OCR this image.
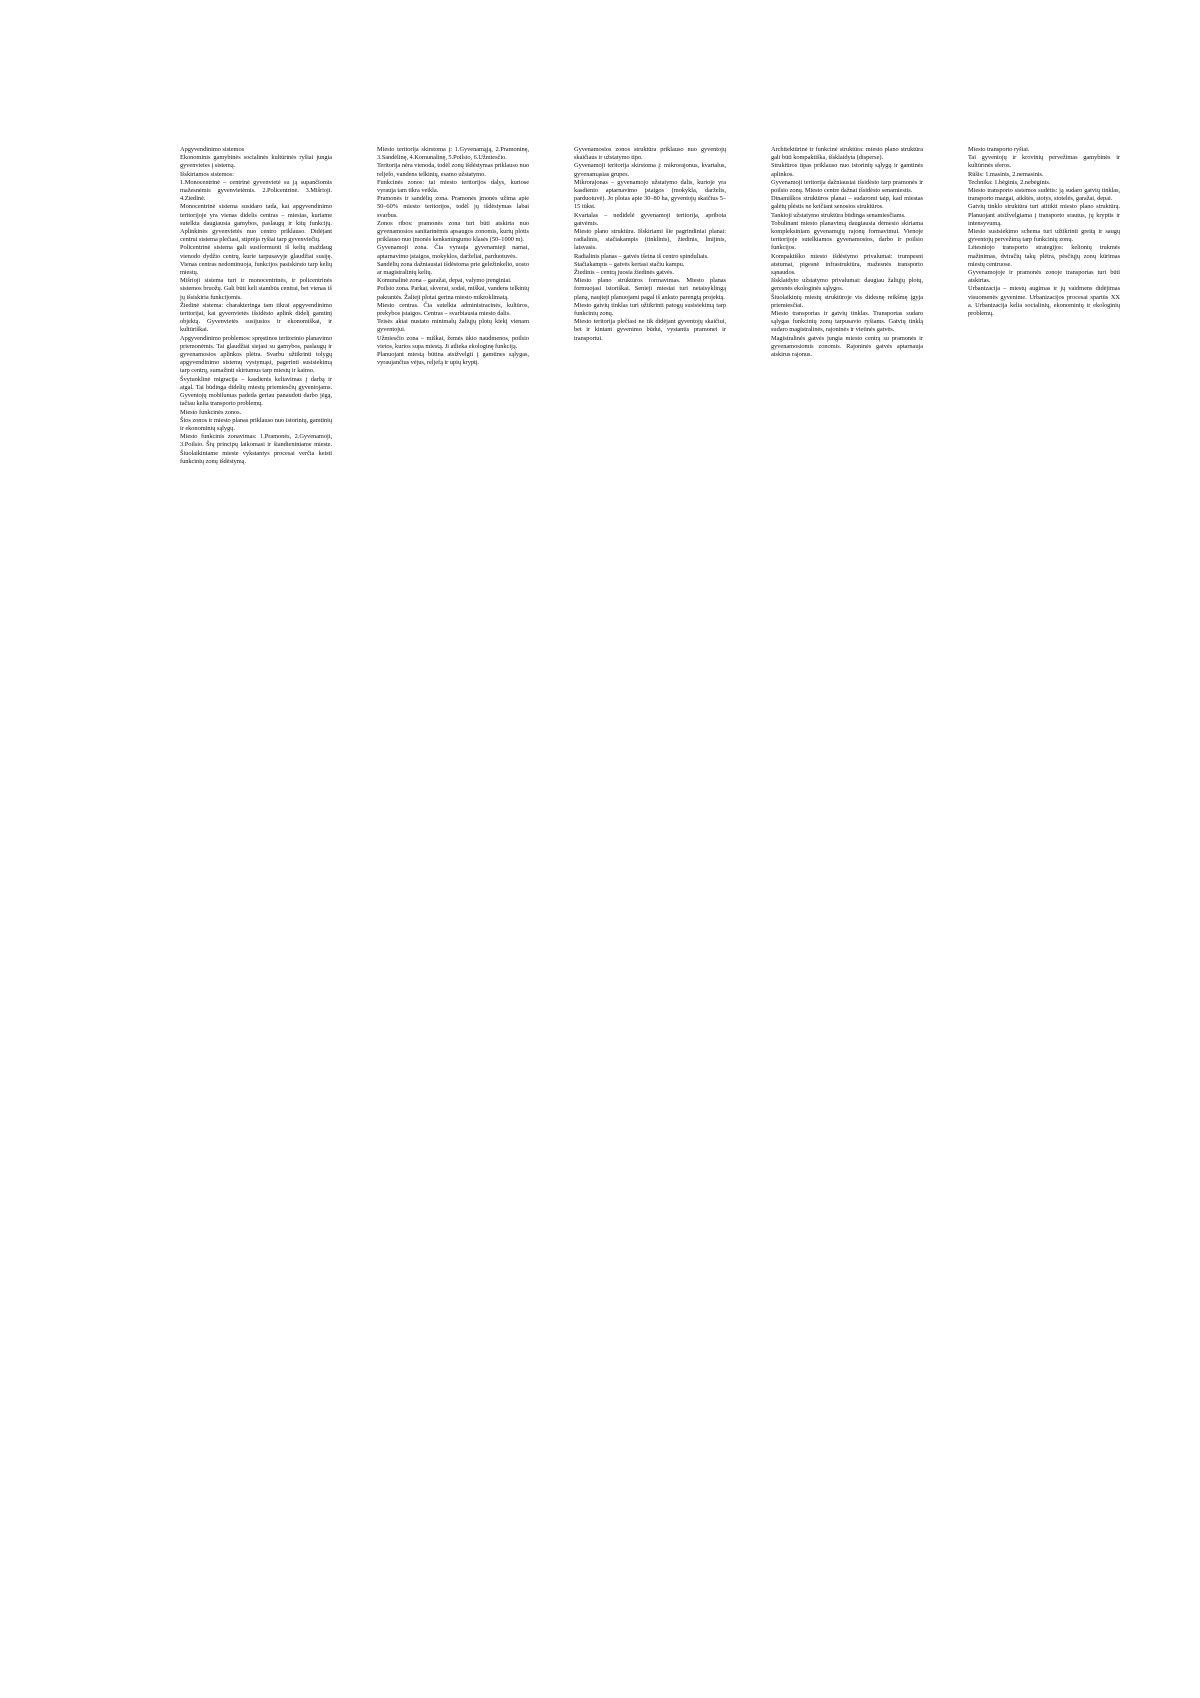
Apgyvendinimo sistemos

Ekonominis gamybinės socialinės kultūrinės ryšiai jungia gyvenvietes į sistemą.

Išskiriamos sistemos:

1.Monocentrinė – centrinė gyvenvietė su ją supančiomis mažesnėmis gyvenvietėmis. 2.Policentrinė. 3.Mišrioji. 4.Ziedinė.

Monocentrinė sistema susidaro tada, kai apgyvendinimo teritorijoje yra vienas didelis centras – miestas, kuriame sutelkta daugiausia gamybos, paslaugų ir kitų funkcijų. Aplinkinės gyvenvietės nuo centro priklauso. Didėjant centrui sistema plečiasi, stiprėja ryšiai tarp gyvenviečių.

Policentrinė sistema gali susiformuoti iš kelių maždaug vienodo dydžio centrų, kurie tarpusavyje glaudžiai susiję. Vienas centras nedominuoja, funkcijos pasiskirsto tarp kelių miestų.

Mišrioji sistema turi ir monocentrinės, ir policentrinės sistemos bruožų. Gali būti keli stambūs centrai, bet vienas iš jų išsiskiria funkcijomis.

Žiedinė sistema: charakteringa tam tikrai apgyvendinimo teritorijai, kai gyvenvietės išsidėsto aplink didelį gamtinį objektą. Gyvenvietės susijusios ir ekonomiškai, ir kultūriškai.

Apgyvendinimo problemos: spręstinos teritorinio planavimo priemonėmis. Tai glaudžiai siejasi su gamybos, paslaugų ir gyvenamosios aplinkos plėtra. Svarbu užtikrinti tolygų apgyvendinimo sistemų vystymąsi, pagerinti susisiekimą tarp centrų, sumažinti skirtumus tarp miestų ir kaimo.

Švytuoklinė migracija – kasdienis keliavimas į darbą ir atgal. Tai būdinga didelių miestų priemiesčių gyventojams. Gyventojų mobilumas padeda geriau panaudoti darbo jėgą, tačiau kelia transporto problemų.

Miesto funkcinės zonos.

Šios zonos ir miesto planas priklauso nuo istorinių, gamtinių ir ekonominių sąlygų.

Miesto funkcinis zonavimas: 1.Pramonės, 2.Gyvenamoji, 3.Poilsio. Šių principų laikomasi ir šiandieniniame mieste. Šiuolaikiniame mieste vykstantys procesai verčia keisti funkcinių zonų išdėstymą.

Miesto teritorija skirstoma į: 1.Gyvenamąją, 2.Pramoninę, 3.Sandėlinę, 4.Komunalinę, 5.Poilsio, 6.Užmiesčio.

Teritorija nėra vienoda, todėl zonų išdėstymas priklauso nuo reljefo, vandens telkinių, esamo užstatymo.

Funkcinės zonos: tai miesto teritorijos dalys, kuriose vyrauja tam tikra veikla.

Pramonės ir sandėlių zona. Pramonės įmonės užima apie 50–60% miesto teritorijos, todėl jų išdėstymas labai svarbus.

Zonos ribos: pramonės zona turi būti atskirta nuo gyvenamosios sanitarinėmis apsaugos zonomis, kurių plotis priklauso nuo įmonės kenksmingumo klasės (50–1000 m).

Gyvenamoji zona. Čia vyrauja gyvenamieji namai, aptarnavimo įstaigos, mokyklos, darželiai, parduotuvės.

Sandėlių zona dažniausiai išdėstoma prie geležinkelio, uosto ar magistralinių kelių.

Komunalinė zona – garažai, depai, valymo įrenginiai.

Poilsio zona. Parkai, skverai, sodai, miškai, vandens telkinių pakrantės. Žalieji plotai gerina miesto mikroklimatą.

Miesto centras. Čia sutelkta administracinės, kultūros, prekybos įstaigos. Centras – svarbiausia miesto dalis.

Teisės aktai nustato minimalų žaliųjų plotų kiekį vienam gyventojui.

Užmiesčio zona – miškai, žemės ūkio naudmenos, poilsio vietos, kurios supa miestą. Ji atlieka ekologinę funkciją.

Planuojant miestą būtina atsižvelgti į gamtines sąlygas, vyraujančius vėjus, reljefą ir upių kryptį.

Gyvenamosios zonos struktūra priklauso nuo gyventojų skaičiaus ir užstatymo tipo.

Gyvenamoji teritorija skirstoma į: mikrorajonus, kvartalus, gyvenamąsias grupes.

Mikrorajonas – gyvenamojo užstatymo dalis, kurioje yra kasdienio aptarnavimo įstaigos (mokykla, darželis, parduotuvė). Jo plotas apie 30–80 ha, gyventojų skaičius 5–15 tūkst.

Kvartalas – nedidelė gyvenamoji teritorija, apribota gatvėmis.

Miesto plano struktūra. Išskiriami šie pagrindiniai planai: radialinis, stačiakampis (tinklinis), žiedinis, linijinis, laisvasis.

Radialinis planas – gatvės išeina iš centro spinduliais.

Stačiakampis – gatvės kertasi stačiu kampu.

Žiedinis – centrą juosia žiedinės gatvės.

Miesto plano struktūros formavimas. Miesto planas formuojasi istoriškai. Senieji miestai turi netaisyklingą planą, naujieji planuojami pagal iš anksto parengtą projektą.

Miesto gatvių tinklas turi užtikrinti patogų susisiekimą tarp funkcinių zonų.

Miesto teritorija plečiasi ne tik didėjant gyventojų skaičiui, bet ir kintant gyvenimo būdui, vystantis pramonei ir transportui.

Architektūrinė ir funkcinė struktūra: miesto plano struktūra gali būti kompaktiška, išsklaidyta (disperse).

Struktūros tipas priklauso nuo istorinių sąlygų ir gamtinės aplinkos.

Gyvenamoji teritorija dažniausiai išsidėsto tarp pramonės ir poilsio zonų. Miesto centre dažnai išsidėsto senamiestis.

Dinamiškos struktūros planai – sudaromi taip, kad miestas galėtų plėstis ne keičiant senosios struktūros.

Tankioji užstatymo struktūra būdinga senamiesčiams.

Tobulinant miesto planavimą daugiausia dėmesio skiriama kompleksiniam gyvenamųjų rajonų formavimui. Vienoje teritorijoje sutelkiamos gyvenamosios, darbo ir poilsio funkcijos.

Kompaktiško miesto išdėstymo privalumai: trumpesni atstumai, pigesnė infrastruktūra, mažesnės transporto sąnaudos.

Išsklaidyto užstatymo privalumai: daugiau žaliųjų plotų, geresnės ekologinės sąlygos.

Šiuolaikinių miestų struktūroje vis didesnę reikšmę įgyja priemiesčiai.

Miesto transportas ir gatvių tinklas. Transportas sudaro sąlygas funkcinių zonų tarpusavio ryšiams. Gatvių tinklą sudaro magistralinės, rajoninės ir vietinės gatvės.

Magistralinės gatvės jungia miesto centrą su pramonės ir gyvenamosiomis zonomis. Rajoninės gatvės aptarnauja atskirus rajonus.

Miesto transporto ryšiai.

Tai gyventojų ir krovinių pervežimas gamybinės ir kultūrinės sferos.

Rūšis: 1.masinis, 2.nemasinis.

Technika: 1.bėginis, 2.nebėginis.

Miesto transporto sistemos sudėtis: ją sudaro gatvių tinklas, transporto mazgai, aikštės, stotys, stotelės, garažai, depai.

Gatvių tinklo struktūra turi atitikti miesto plano struktūrą. Planuojant atsižvelgiama į transporto srautus, jų kryptis ir intensyvumą.

Miesto susisiekimo schema turi užtikrinti greitą ir saugų gyventojų pervežimą tarp funkcinių zonų.

Lėtesniojo transporto strategijos: kelionių trukmės mažinimas, dviračių takų plėtra, pėsčiųjų zonų kūrimas miestų centruose.

Gyvenamojoje ir pramonės zonoje transportas turi būti atskirtas.

Urbanizacija – miestų augimas ir jų vaidmens didėjimas visuomenės gyvenime. Urbanizacijos procesai spartūs XX a. Urbanizacija kelia socialinių, ekonominių ir ekologinių problemų.
